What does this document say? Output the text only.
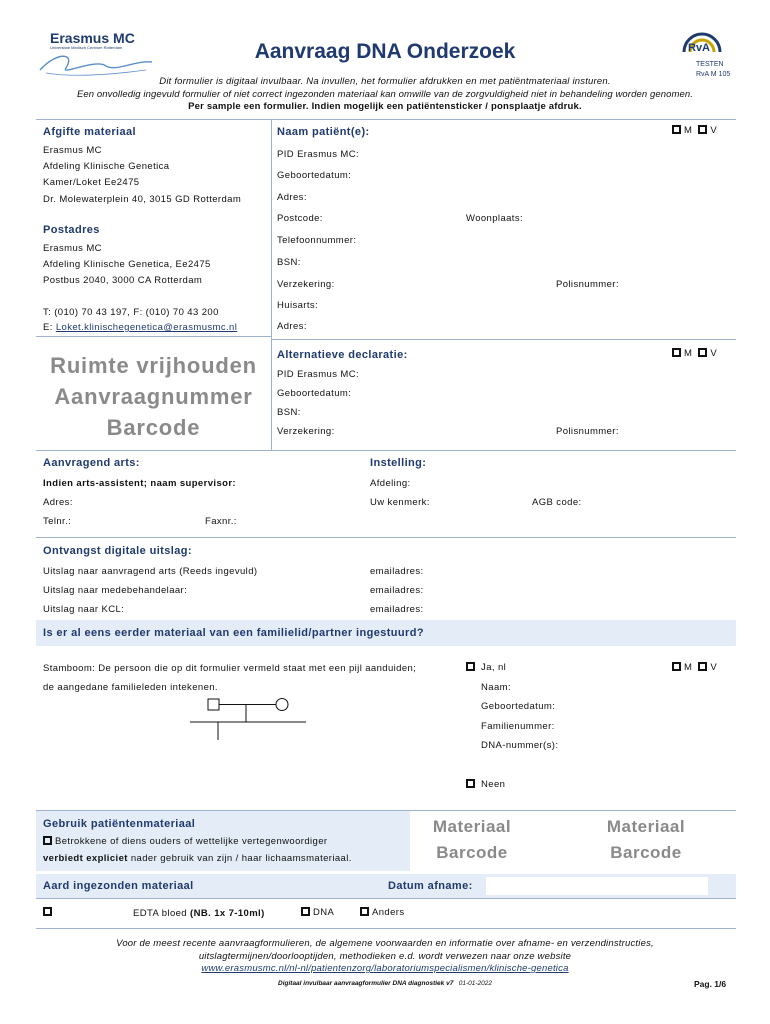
Erasmus MC
Universitair Medisch Centrum Rotterdam	Aanvraag DNA Onderzoek	RvA
TESTEN
RvA M 105
Dit formulier is digitaal invulbaar. Na invullen, het formulier afdrukken en met patiëntmateriaal insturen.
Een onvolledig ingevuld formulier of niet correct ingezonden materiaal kan omwille van de zorgvuldigheid niet in behandeling worden genomen.
Per sample een formulier. Indien mogelijk een patiëntensticker / ponsplaatje afdruk.
Afgifte materiaal
Erasmus MC
Afdeling Klinische Genetica
Kamer/Loket Ee2475
Dr. Molewaterplein 40, 3015 GD Rotterdam
Postadres
Erasmus MC
Afdeling Klinische Genetica, Ee2475
Postbus 2040, 3000 CA Rotterdam
T: (010) 70 43 197, F: (010) 70 43 200
E: Loket.klinischegenetica@erasmusmc.nl
Ruimte vrijhouden
Aanvraagnummer
Barcode
Naam patiënt(e):	M V
PID Erasmus MC:
Geboortedatum:
Adres:
Postcode:	Woonplaats:
Telefoonnummer:
BSN:
Verzekering:	Polisnummer:
Huisarts:
Adres:
Alternatieve declaratie:	M V
PID Erasmus MC:
Geboortedatum:
BSN:
Verzekering:	Polisnummer:
Aanvragend arts:	Instelling:
Indien arts-assistent; naam supervisor:	Afdeling:
Adres:	Uw kenmerk:	AGB code:
Telnr.:	Faxnr.:
Ontvangst digitale uitslag:
Uitslag naar aanvragend arts (Reeds ingevuld)	emailadres:
Uitslag naar medebehandelaar:	emailadres:
Uitslag naar KCL:	emailadres:
Is er al eens eerder materiaal van een familielid/partner ingestuurd?
Stamboom: De persoon die op dit formulier vermeld staat met een pijl aanduiden;
de aangedane familieleden intekenen.
Ja, nl	M V
Naam:
Geboortedatum:
Familienummer:
DNA-nummer(s):
Neen
Gebruik patiëntenmateriaal
Betrokkene of diens ouders of wettelijke vertegenwoordiger
verbiedt expliciet nader gebruik van zijn / haar lichaamsmateriaal.
Materiaal
Barcode
Materiaal
Barcode
Aard ingezonden materiaal	Datum afname:
EDTA bloed (NB. 1x 7-10ml)	DNA	Anders
Voor de meest recente aanvraagformulieren, de algemene voorwaarden en informatie over afname- en verzendinstructies,
uitslagtermijnen/doorlooptijden, methodieken e.d. wordt verwezen naar onze website
www.erasmusmc.nl/nl-nl/patientenzorg/laboratoriumspecialismen/klinische-genetica
Digitaal invulbaar aanvraagformulier DNA diagnostiek v7 01-01-2022	Pag. 1/6
